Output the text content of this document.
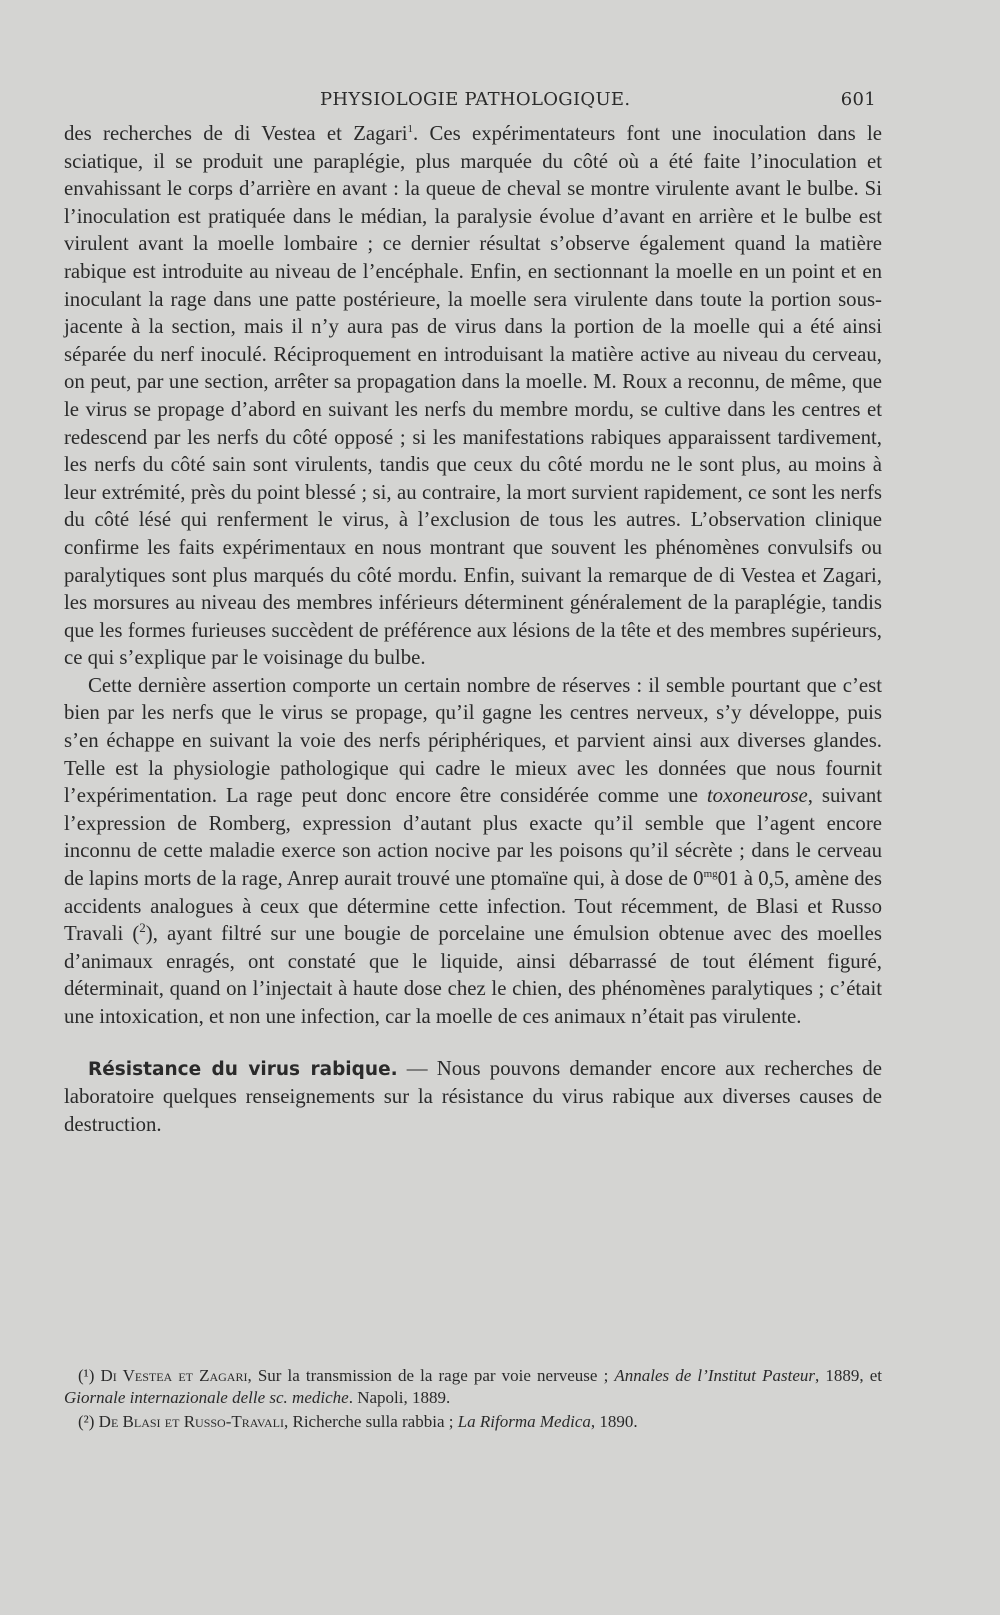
PHYSIOLOGIE PATHOLOGIQUE.	601

des recherches de di Vestea et Zagari$^1$. Ces expérimentateurs font une inoculation dans le sciatique, il se produit une paraplégie, plus marquée du côté où a été faite l’inoculation et envahissant le corps d’arrière en avant : la queue de cheval se montre virulente avant le bulbe. Si l’inoculation est pratiquée dans le médian, la paralysie évolue d’avant en arrière et le bulbe est virulent avant la moelle lombaire ; ce dernier résultat s’observe également quand la matière rabique est introduite au niveau de l’encéphale. Enfin, en sectionnant la moelle en un point et en inoculant la rage dans une patte postérieure, la moelle sera virulente dans toute la portion sous-jacente à la section, mais il n’y aura pas de virus dans la portion de la moelle qui a été ainsi séparée du nerf inoculé. Réciproquement en introduisant la matière active au niveau du cerveau, on peut, par une section, arrêter sa propagation dans la moelle. M. Roux a reconnu, de même, que le virus se propage d’abord en suivant les nerfs du membre mordu, se cultive dans les centres et redescend par les nerfs du côté opposé ; si les manifestations rabiques apparaissent tardivement, les nerfs du côté sain sont virulents, tandis que ceux du côté mordu ne le sont plus, au moins à leur extrémité, près du point blessé ; si, au contraire, la mort survient rapidement, ce sont les nerfs du côté lésé qui renferment le virus, à l’exclusion de tous les autres. L’observation clinique confirme les faits expérimentaux en nous montrant que souvent les phénomènes convulsifs ou paralytiques sont plus marqués du côté mordu. Enfin, suivant la remarque de di Vestea et Zagari, les morsures au niveau des membres inférieurs déterminent généralement de la paraplégie, tandis que les formes furieuses succèdent de préférence aux lésions de la tête et des membres supérieurs, ce qui s’explique par le voisinage du bulbe.

Cette dernière assertion comporte un certain nombre de réserves : il semble pourtant que c’est bien par les nerfs que le virus se propage, qu’il gagne les centres nerveux, s’y développe, puis s’en échappe en suivant la voie des nerfs périphériques, et parvient ainsi aux diverses glandes. Telle est la physiologie pathologique qui cadre le mieux avec les données que nous fournit l’expérimentation. La rage peut donc encore être considérée comme une toxoneurose, suivant l’expression de Romberg, expression d’autant plus exacte qu’il semble que l’agent encore inconnu de cette maladie exerce son action nocive par les poisons qu’il sécrète ; dans le cerveau de lapins morts de la rage, Anrep aurait trouvé une ptomaïne qui, à dose de $0^{mg}01$ à 0,5, amène des accidents analogues à ceux que détermine cette infection. Tout récemment, de Blasi et Russo Travali ($^2$), ayant filtré sur une bougie de porcelaine une émulsion obtenue avec des moelles d’animaux enragés, ont constaté que le liquide, ainsi débarrassé de tout élément figuré, déterminait, quand on l’injectait à haute dose chez le chien, des phénomènes paralytiques ; c’était une intoxication, et non une infection, car la moelle de ces animaux n’était pas virulente.

Résistance du virus rabique. — Nous pouvons demander encore aux recherches de laboratoire quelques renseignements sur la résistance du virus rabique aux diverses causes de destruction.

(¹) Di Vestea et Zagari, Sur la transmission de la rage par voie nerveuse ; Annales de l’Institut Pasteur, 1889, et Giornale internazionale delle sc. mediche. Napoli, 1889.

(²) De Blasi et Russo-Travali, Richerche sulla rabbia ; La Riforma Medica, 1890.
